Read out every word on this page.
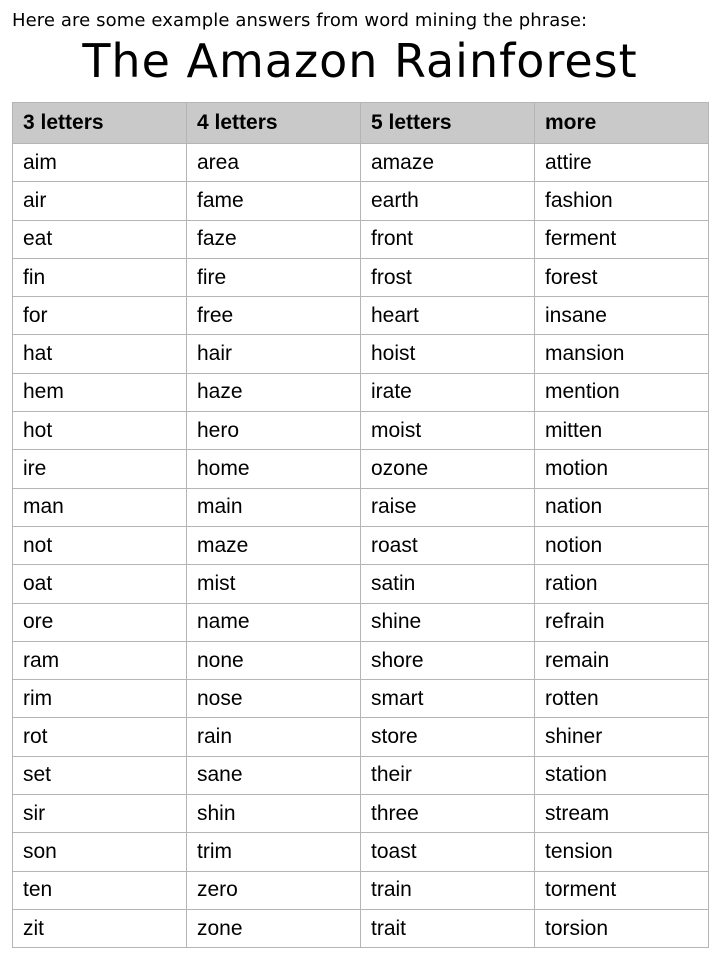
Here are some example answers from word mining the phrase:
The Amazon Rainforest
3 letters	4 letters	5 letters	more
aim	area	amaze	attire
air	fame	earth	fashion
eat	faze	front	ferment
fin	fire	frost	forest
for	free	heart	insane
hat	hair	hoist	mansion
hem	haze	irate	mention
hot	hero	moist	mitten
ire	home	ozone	motion
man	main	raise	nation
not	maze	roast	notion
oat	mist	satin	ration
ore	name	shine	refrain
ram	none	shore	remain
rim	nose	smart	rotten
rot	rain	store	shiner
set	sane	their	station
sir	shin	three	stream
son	trim	toast	tension
ten	zero	train	torment
zit	zone	trait	torsion
